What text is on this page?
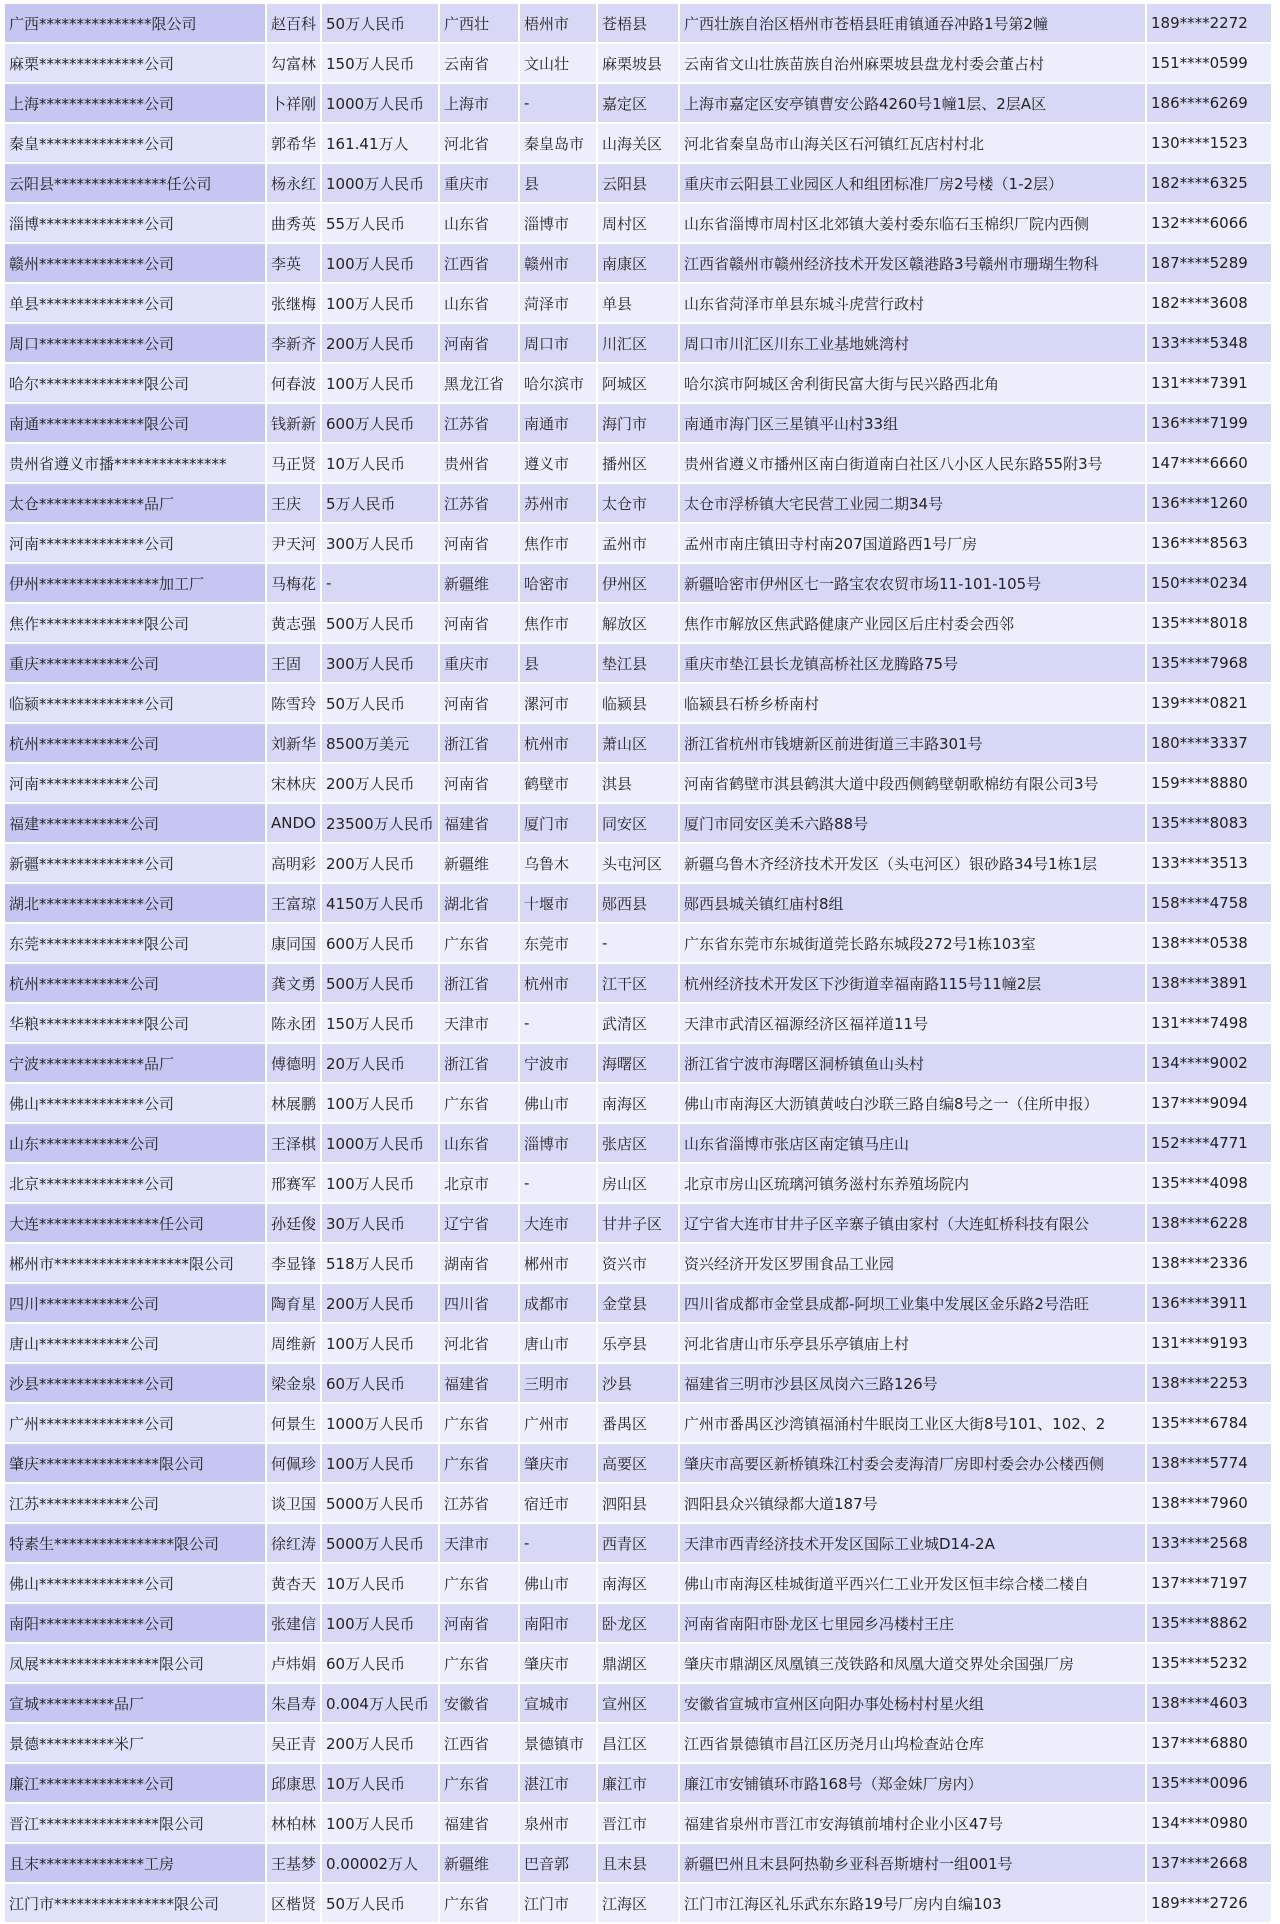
广西***************限公司	赵百科	50万人民币	广西壮	梧州市	苍梧县	广西壮族自治区梧州市苍梧县旺甫镇通吞冲路1号第2幢	189****2272
麻栗**************公司	勾富林	150万人民币	云南省	文山壮	麻栗坡县	云南省文山壮族苗族自治州麻栗坡县盘龙村委会董占村	151****0599
上海**************公司	卜祥刚	1000万人民币	上海市	-	嘉定区	上海市嘉定区安亭镇曹安公路4260号1幢1层、2层A区	186****6269
秦皇**************公司	郭希华	161.41万人	河北省	秦皇岛市	山海关区	河北省秦皇岛市山海关区石河镇红瓦店村村北	130****1523
云阳县***************任公司	杨永红	1000万人民币	重庆市	县	云阳县	重庆市云阳县工业园区人和组团标准厂房2号楼（1-2层）	182****6325
淄博**************公司	曲秀英	55万人民币	山东省	淄博市	周村区	山东省淄博市周村区北郊镇大姜村委东临石玉棉织厂院内西侧	132****6066
赣州**************公司	李英	100万人民币	江西省	赣州市	南康区	江西省赣州市赣州经济技术开发区赣港路3号赣州市珊瑚生物科	187****5289
单县**************公司	张继梅	100万人民币	山东省	菏泽市	单县	山东省菏泽市单县东城斗虎营行政村	182****3608
周口**************公司	李新齐	200万人民币	河南省	周口市	川汇区	周口市川汇区川东工业基地姚湾村	133****5348
哈尔**************限公司	何春波	100万人民币	黑龙江省	哈尔滨市	阿城区	哈尔滨市阿城区舍利街民富大街与民兴路西北角	131****7391
南通**************限公司	钱新新	600万人民币	江苏省	南通市	海门市	南通市海门区三星镇平山村33组	136****7199
贵州省遵义市播***************	马正贤	10万人民币	贵州省	遵义市	播州区	贵州省遵义市播州区南白街道南白社区八小区人民东路55附3号	147****6660
太仓**************品厂	王庆	5万人民币	江苏省	苏州市	太仓市	太仓市浮桥镇大宅民营工业园二期34号	136****1260
河南**************公司	尹天河	300万人民币	河南省	焦作市	孟州市	孟州市南庄镇田寺村南207国道路西1号厂房	136****8563
伊州****************加工厂	马梅花	-	新疆维	哈密市	伊州区	新疆哈密市伊州区七一路宝农农贸市场11-101-105号	150****0234
焦作**************限公司	黄志强	500万人民币	河南省	焦作市	解放区	焦作市解放区焦武路健康产业园区后庄村委会西邻	135****8018
重庆************公司	王固	300万人民币	重庆市	县	垫江县	重庆市垫江县长龙镇高桥社区龙腾路75号	135****7968
临颍**************公司	陈雪玲	50万人民币	河南省	漯河市	临颍县	临颍县石桥乡桥南村	139****0821
杭州************公司	刘新华	8500万美元	浙江省	杭州市	萧山区	浙江省杭州市钱塘新区前进街道三丰路301号	180****3337
河南************公司	宋林庆	200万人民币	河南省	鹤壁市	淇县	河南省鹤壁市淇县鹤淇大道中段西侧鹤壁朝歌棉纺有限公司3号	159****8880
福建************公司	ANDO	23500万人民币	福建省	厦门市	同安区	厦门市同安区美禾六路88号	135****8083
新疆**************公司	高明彩	200万人民币	新疆维	乌鲁木	头屯河区	新疆乌鲁木齐经济技术开发区（头屯河区）银砂路34号1栋1层	133****3513
湖北**************公司	王富琼	4150万人民币	湖北省	十堰市	郧西县	郧西县城关镇红庙村8组	158****4758
东莞**************限公司	康同国	600万人民币	广东省	东莞市	-	广东省东莞市东城街道莞长路东城段272号1栋103室	138****0538
杭州************公司	龚文勇	500万人民币	浙江省	杭州市	江干区	杭州经济技术开发区下沙街道幸福南路115号11幢2层	138****3891
华粮**************限公司	陈永团	150万人民币	天津市	-	武清区	天津市武清区福源经济区福祥道11号	131****7498
宁波**************品厂	傅德明	20万人民币	浙江省	宁波市	海曙区	浙江省宁波市海曙区洞桥镇鱼山头村	134****9002
佛山**************公司	林展鹏	100万人民币	广东省	佛山市	南海区	佛山市南海区大沥镇黄岐白沙联三路自编8号之一（住所申报）	137****9094
山东************公司	王泽棋	1000万人民币	山东省	淄博市	张店区	山东省淄博市张店区南定镇马庄山	152****4771
北京**************公司	邢赛军	100万人民币	北京市	-	房山区	北京市房山区琉璃河镇务滋村东养殖场院内	135****4098
大连****************任公司	孙廷俊	30万人民币	辽宁省	大连市	甘井子区	辽宁省大连市甘井子区辛寨子镇由家村（大连虹桥科技有限公	138****6228
郴州市******************限公司	李显锋	518万人民币	湖南省	郴州市	资兴市	资兴经济开发区罗围食品工业园	138****2336
四川************公司	陶育星	200万人民币	四川省	成都市	金堂县	四川省成都市金堂县成都-阿坝工业集中发展区金乐路2号浩旺	136****3911
唐山************公司	周维新	100万人民币	河北省	唐山市	乐亭县	河北省唐山市乐亭县乐亭镇庙上村	131****9193
沙县**************公司	梁金泉	60万人民币	福建省	三明市	沙县	福建省三明市沙县区凤岗六三路126号	138****2253
广州**************公司	何景生	1000万人民币	广东省	广州市	番禺区	广州市番禺区沙湾镇福涌村牛眠岗工业区大街8号101、102、2	135****6784
肇庆****************限公司	何佩珍	100万人民币	广东省	肇庆市	高要区	肇庆市高要区新桥镇珠江村委会麦海清厂房即村委会办公楼西侧	138****5774
江苏************公司	谈卫国	5000万人民币	江苏省	宿迁市	泗阳县	泗阳县众兴镇绿都大道187号	138****7960
特素生****************限公司	徐红涛	5000万人民币	天津市	-	西青区	天津市西青经济技术开发区国际工业城D14-2A	133****2568
佛山**************公司	黄杏天	10万人民币	广东省	佛山市	南海区	佛山市南海区桂城街道平西兴仁工业开发区恒丰综合楼二楼自	137****7197
南阳**************公司	张建信	100万人民币	河南省	南阳市	卧龙区	河南省南阳市卧龙区七里园乡冯楼村王庄	135****8862
凤展****************限公司	卢炜娟	60万人民币	广东省	肇庆市	鼎湖区	肇庆市鼎湖区凤凰镇三茂铁路和凤凰大道交界处余国强厂房	135****5232
宣城**********品厂	朱昌寿	0.004万人民币	安徽省	宣城市	宣州区	安徽省宣城市宣州区向阳办事处杨村村星火组	138****4603
景德**********米厂	吴正青	200万人民币	江西省	景德镇市	昌江区	江西省景德镇市昌江区历尧月山坞检查站仓库	137****6880
廉江**************公司	邱康思	10万人民币	广东省	湛江市	廉江市	廉江市安铺镇环市路168号（郑金妹厂房内）	135****0096
晋江****************限公司	林柏林	100万人民币	福建省	泉州市	晋江市	福建省泉州市晋江市安海镇前埔村企业小区47号	134****0980
且末**************工房	王基梦	0.00002万人	新疆维	巴音郭	且末县	新疆巴州且末县阿热勒乡亚科吾斯塘村一组001号	137****2668
江门市****************限公司	区楷贤	50万人民币	广东省	江门市	江海区	江门市江海区礼乐武东东路19号厂房内自编103	189****2726
